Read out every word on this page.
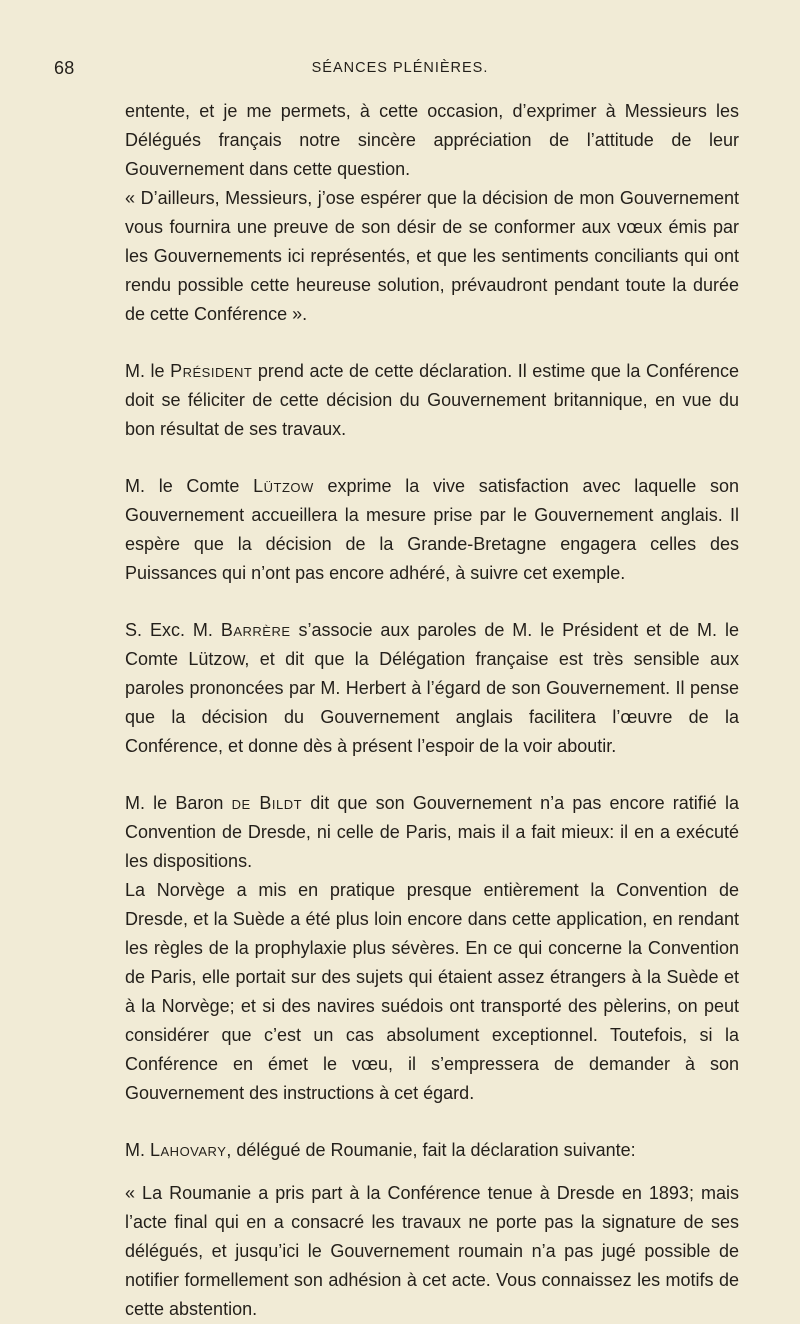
68	SÉANCES PLÉNIÈRES.

entente, et je me permets, à cette occasion, d’exprimer à Messieurs les Délégués français notre sincère appréciation de l’attitude de leur Gouvernement dans cette question.

« D’ailleurs, Messieurs, j’ose espérer que la décision de mon Gouvernement vous fournira une preuve de son désir de se conformer aux vœux émis par les Gouvernements ici représentés, et que les sentiments conciliants qui ont rendu possible cette heureuse solution, prévaudront pendant toute la durée de cette Conférence ».

M. le Président prend acte de cette déclaration. Il estime que la Conférence doit se féliciter de cette décision du Gouvernement britannique, en vue du bon résultat de ses travaux.

M. le Comte Lützow exprime la vive satisfaction avec laquelle son Gouvernement accueillera la mesure prise par le Gouvernement anglais. Il espère que la décision de la Grande-Bretagne engagera celles des Puissances qui n’ont pas encore adhéré, à suivre cet exemple.

S. Exc. M. Barrère s’associe aux paroles de M. le Président et de M. le Comte Lützow, et dit que la Délégation française est très sensible aux paroles prononcées par M. Herbert à l’égard de son Gouvernement. Il pense que la décision du Gouvernement anglais facilitera l’œuvre de la Conférence, et donne dès à présent l’espoir de la voir aboutir.

M. le Baron de Bildt dit que son Gouvernement n’a pas encore ratifié la Convention de Dresde, ni celle de Paris, mais il a fait mieux: il en a exécuté les dispositions.

La Norvège a mis en pratique presque entièrement la Convention de Dresde, et la Suède a été plus loin encore dans cette application, en rendant les règles de la prophylaxie plus sévères. En ce qui concerne la Convention de Paris, elle portait sur des sujets qui étaient assez étrangers à la Suède et à la Norvège; et si des navires suédois ont transporté des pèlerins, on peut considérer que c’est un cas absolument exceptionnel. Toutefois, si la Conférence en émet le vœu, il s’empressera de demander à son Gouvernement des instructions à cet égard.

M. Lahovary, délégué de Roumanie, fait la déclaration suivante:

« La Roumanie a pris part à la Conférence tenue à Dresde en 1893; mais l’acte final qui en a consacré les travaux ne porte pas la signature de ses délégués, et jusqu’ici le Gouvernement roumain n’a pas jugé possible de notifier formellement son adhésion à cet acte. Vous connaissez les motifs de cette abstention.
